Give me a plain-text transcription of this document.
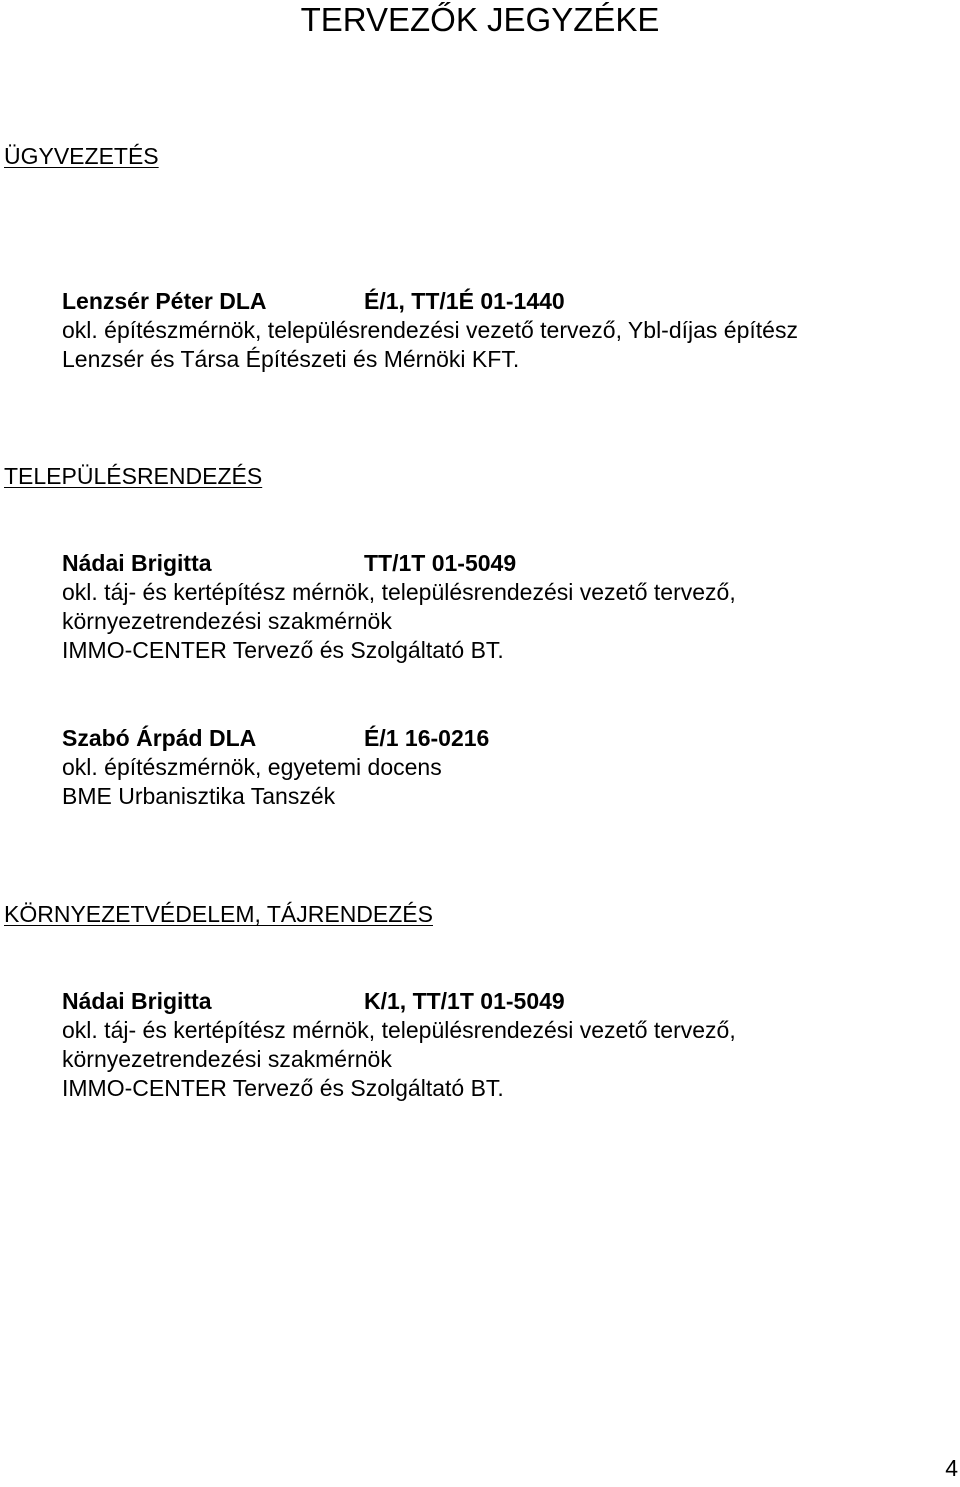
TERVEZŐK JEGYZÉKE
ÜGYVEZETÉS
Lenzsér Péter DLA	É/1, TT/1É 01-1440
okl. építészmérnök, településrendezési vezető tervező, Ybl-díjas építész
Lenzsér és Társa Építészeti és Mérnöki KFT.
TELEPÜLÉSRENDEZÉS
Nádai Brigitta	TT/1T 01-5049
okl. táj- és kertépítész mérnök, településrendezési vezető tervező,
környezetrendezési szakmérnök
IMMO-CENTER Tervező és Szolgáltató BT.
Szabó Árpád DLA	É/1 16-0216
okl. építészmérnök, egyetemi docens
BME Urbanisztika Tanszék
KÖRNYEZETVÉDELEM, TÁJRENDEZÉS
Nádai Brigitta	K/1, TT/1T 01-5049
okl. táj- és kertépítész mérnök, településrendezési vezető tervező,
környezetrendezési szakmérnök
IMMO-CENTER Tervező és Szolgáltató BT.
4
